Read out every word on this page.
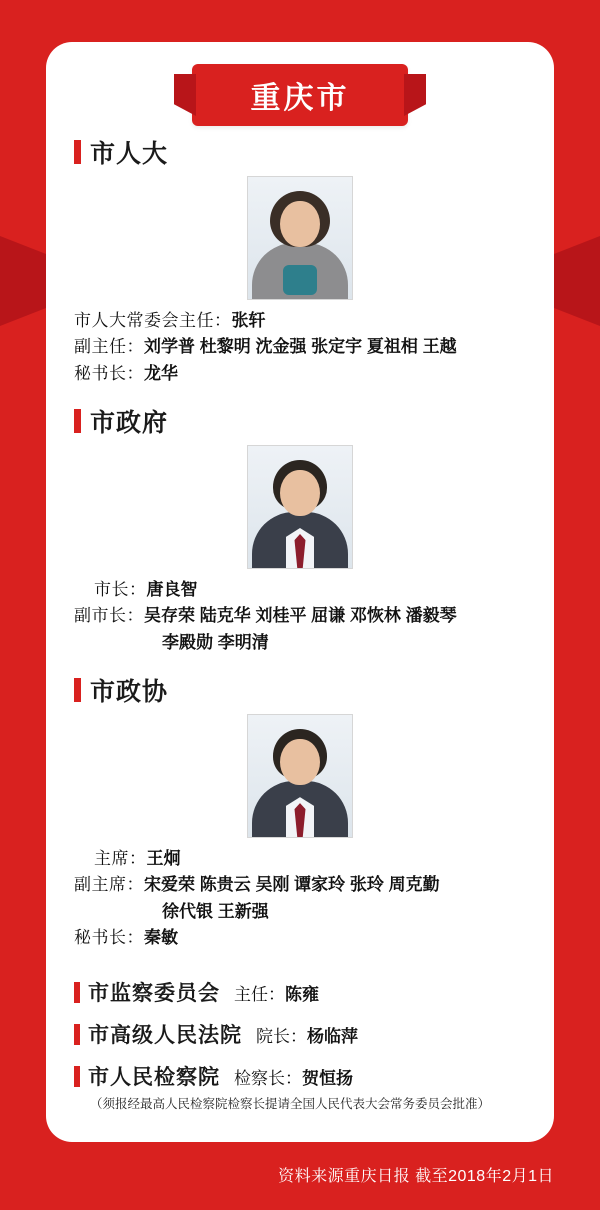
重庆市
市人大
市人大常委会主任：张轩
副主任：刘学普 杜黎明 沈金强 张定宇 夏祖相 王越
秘书长：龙华
市政府
市长：唐良智
副市长：吴存荣 陆克华 刘桂平 屈谦 邓恢林 潘毅琴
李殿勋 李明清
市政协
主席：王炯
副主席：宋爱荣 陈贵云 吴刚 谭家玲 张玲 周克勤
徐代银 王新强
秘书长：秦敏
市监察委员会 主任：陈雍
市高级人民法院 院长：杨临萍
市人民检察院 检察长：贺恒扬
（须报经最高人民检察院检察长提请全国人民代表大会常务委员会批准）
资料来源重庆日报 截至2018年2月1日
